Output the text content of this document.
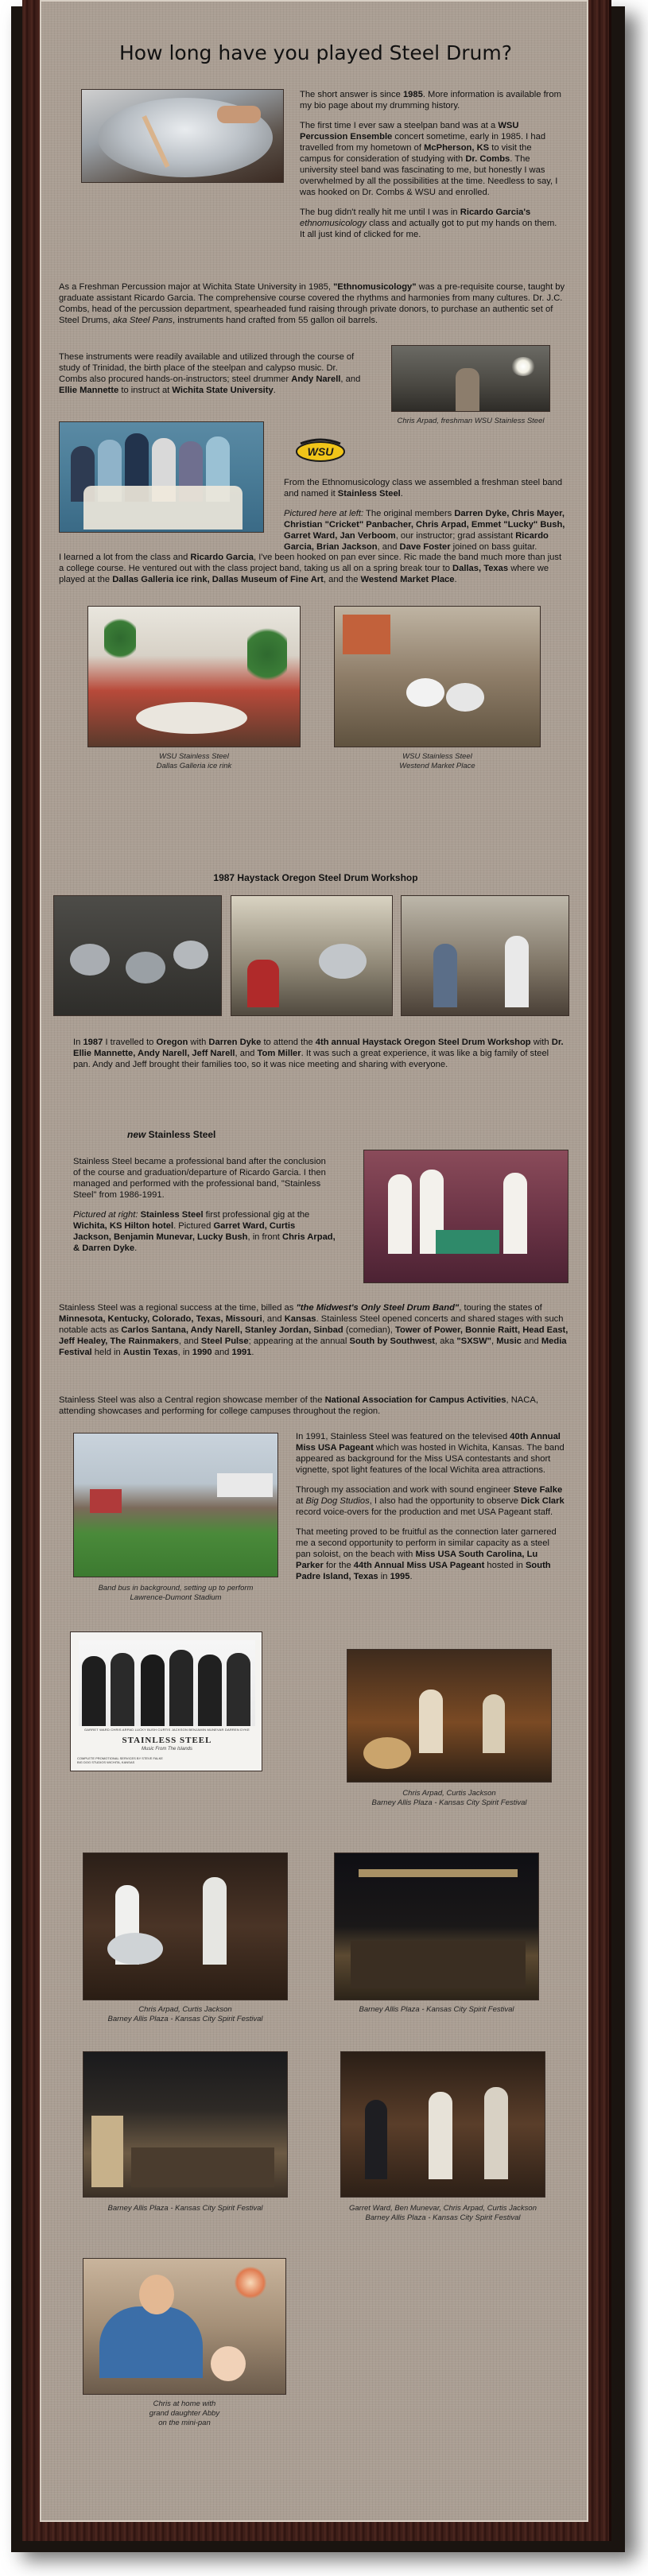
How long have you played Steel Drum?

The short answer is since 1985. More information is available from my bio page about my drumming history.

The first time I ever saw a steelpan band was at a WSU Percussion Ensemble concert sometime, early in 1985. I had travelled from my hometown of McPherson, KS to visit the campus for consideration of studying with Dr. Combs. The university steel band was fascinating to me, but honestly I was overwhelmed by all the possibilities at the time. Needless to say, I was hooked on Dr. Combs & WSU and enrolled.

The bug didn't really hit me until I was in Ricardo Garcia's ethnomusicology class and actually got to put my hands on them. It all just kind of clicked for me.

As a Freshman Percussion major at Wichita State University in 1985, "Ethnomusicology" was a pre-requisite course, taught by graduate assistant Ricardo Garcia. The comprehensive course covered the rhythms and harmonies from many cultures. Dr. J.C. Combs, head of the percussion department, spearheaded fund raising through private donors, to purchase an authentic set of Steel Drums, aka Steel Pans, instruments hand crafted from 55 gallon oil barrels.
These instruments were readily available and utilized through the course of study of Trinidad, the birth place of the steelpan and calypso music. Dr. Combs also procured hands-on-instructors; steel drummer Andy Narell, and Ellie Mannette to instruct at Wichita State University.
Chris Arpad, freshman WSU Stainless Steel
WSU

From the Ethnomusicology class we assembled a freshman steel band and named it Stainless Steel.

Pictured here at left: The original members Darren Dyke, Chris Mayer, Christian "Cricket" Panbacher, Chris Arpad, Emmet "Lucky" Bush, Garret Ward, Jan Verboom, our instructor; grad assistant Ricardo Garcia, Brian Jackson, and Dave Foster joined on bass guitar.

I learned a lot from the class and Ricardo Garcia, I've been hooked on pan ever since. Ric made the band much more than just a college course. He ventured out with the class project band, taking us all on a spring break tour to Dallas, Texas where we played at the Dallas Galleria ice rink, Dallas Museum of Fine Art, and the Westend Market Place.
WSU Stainless Steel
Dallas Galleria ice rink
WSU Stainless Steel
Westend Market Place
1987 Haystack Oregon Steel Drum Workshop
In 1987 I travelled to Oregon with Darren Dyke to attend the 4th annual Haystack Oregon Steel Drum Workshop with Dr. Ellie Mannette, Andy Narell, Jeff Narell, and Tom Miller. It was such a great experience, it was like a big family of steel pan. Andy and Jeff brought their families too, so it was nice meeting and sharing with everyone.
new Stainless Steel

Stainless Steel became a professional band after the conclusion of the course and graduation/departure of Ricardo Garcia. I then managed and performed with the professional band, "Stainless Steel" from 1986-1991.

Pictured at right: Stainless Steel first professional gig at the Wichita, KS Hilton hotel. Pictured Garret Ward, Curtis Jackson, Benjamin Munevar, Lucky Bush, in front Chris Arpad, & Darren Dyke.

Stainless Steel was a regional success at the time, billed as "the Midwest's Only Steel Drum Band", touring the states of Minnesota, Kentucky, Colorado, Texas, Missouri, and Kansas. Stainless Steel opened concerts and shared stages with such notable acts as Carlos Santana, Andy Narell, Stanley Jordan, Sinbad (comedian), Tower of Power, Bonnie Raitt, Head East, Jeff Healey, The Rainmakers, and Steel Pulse; appearing at the annual South by Southwest, aka "SXSW", Music and Media Festival held in Austin Texas, in 1990 and 1991.
Stainless Steel was also a Central region showcase member of the National Association for Campus Activities, NACA, attending showcases and performing for college campuses throughout the region.
Band bus in background, setting up to perform Lawrence-Dumont Stadium

In 1991, Stainless Steel was featured on the televised 40th Annual Miss USA Pageant which was hosted in Wichita, Kansas. The band appeared as background for the Miss USA contestants and short vignette, spot light features of the local Wichita area attractions.

Through my association and work with sound engineer Steve Falke at Big Dog Studios, I also had the opportunity to observe Dick Clark record voice-overs for the production and met USA Pageant staff.

That meeting proved to be fruitful as the connection later garnered me a second opportunity to perform in similar capacity as a steel pan soloist, on the beach with Miss USA South Carolina, Lu Parker for the 44th Annual Miss USA Pageant hosted in South Padre Island, Texas in 1995.

GARRET WARD CHRIS ARPAD LUCKY BUSH CURTIS JACKSON BENJAMIN MUNEVAR DARREN DYKE
STAINLESS STEEL
Music From The Islands
COMPLETE PROMOTIONAL SERVICES BY STEVE FALKE
BIG DOG STUDIOS WICHITA, KANSAS
Chris Arpad, Curtis Jackson
Barney Allis Plaza - Kansas City Spirit Festival
Chris Arpad, Curtis Jackson
Barney Allis Plaza - Kansas City Spirit Festival
Barney Allis Plaza - Kansas City Spirit Festival
Barney Allis Plaza - Kansas City Spirit Festival	Garret Ward, Ben Munevar, Chris Arpad, Curtis Jackson
Barney Allis Plaza - Kansas City Spirit Festival
Chris at home with
grand daughter Abby
on the mini-pan
